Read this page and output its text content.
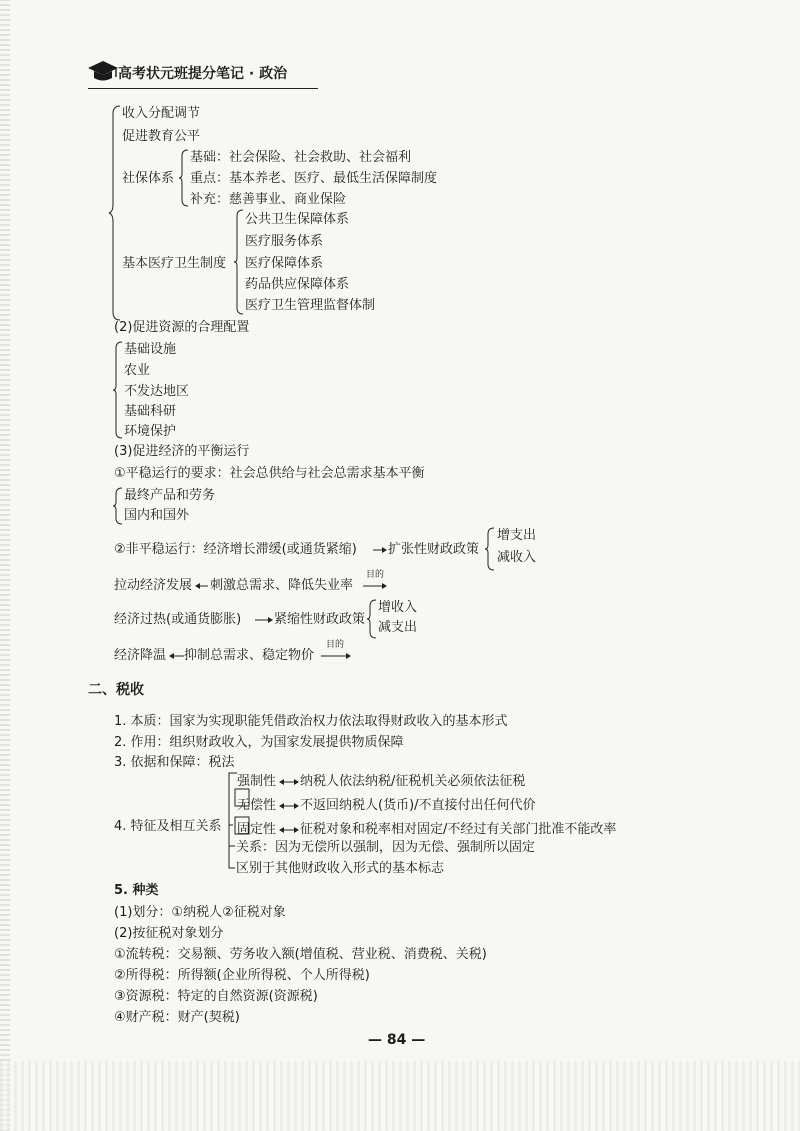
高考状元班提分笔记 · 政治
收入分配调节
促进教育公平
社保体系
基础：社会保险、社会救助、社会福利
重点：基本养老、医疗、最低生活保障制度
补充：慈善事业、商业保险
基本医疗卫生制度
公共卫生保障体系
医疗服务体系
医疗保障体系
药品供应保障体系
医疗卫生管理监督体制
(2)促进资源的合理配置
基础设施
农业
不发达地区
基础科研
环境保护
(3)促进经济的平衡运行
①平稳运行的要求：社会总供给与社会总需求基本平衡
最终产品和劳务
国内和国外
②非平稳运行：经济增长滞缓(或通货紧缩) 扩张性财政政策
增支出
减收入
拉动经济发展 刺激总需求、降低失业率
目的
经济过热(或通货膨胀)	紧缩性财政政策
增收入
减支出
经济降温 抑制总需求、稳定物价
目的
二、税收
1. 本质：国家为实现职能凭借政治权力依法取得财政收入的基本形式
2. 作用：组织财政收入，为国家发展提供物质保障
3. 依据和保障：税法
4. 特征及相互关系
强制性
无偿性
固定性
纳税人依法纳税/征税机关必须依法征税
不返回纳税人(货币)/不直接付出任何代价
征税对象和税率相对固定/不经过有关部门批准不能改率
关系：因为无偿所以强制，因为无偿、强制所以固定
区别于其他财政收入形式的基本标志
5. 种类
(1)划分：①纳税人②征税对象
(2)按征税对象划分
①流转税：交易额、劳务收入额(增值税、营业税、消费税、关税)
②所得税：所得额(企业所得税、个人所得税)
③资源税：特定的自然资源(资源税)
④财产税：财产(契税)
— 84 —
